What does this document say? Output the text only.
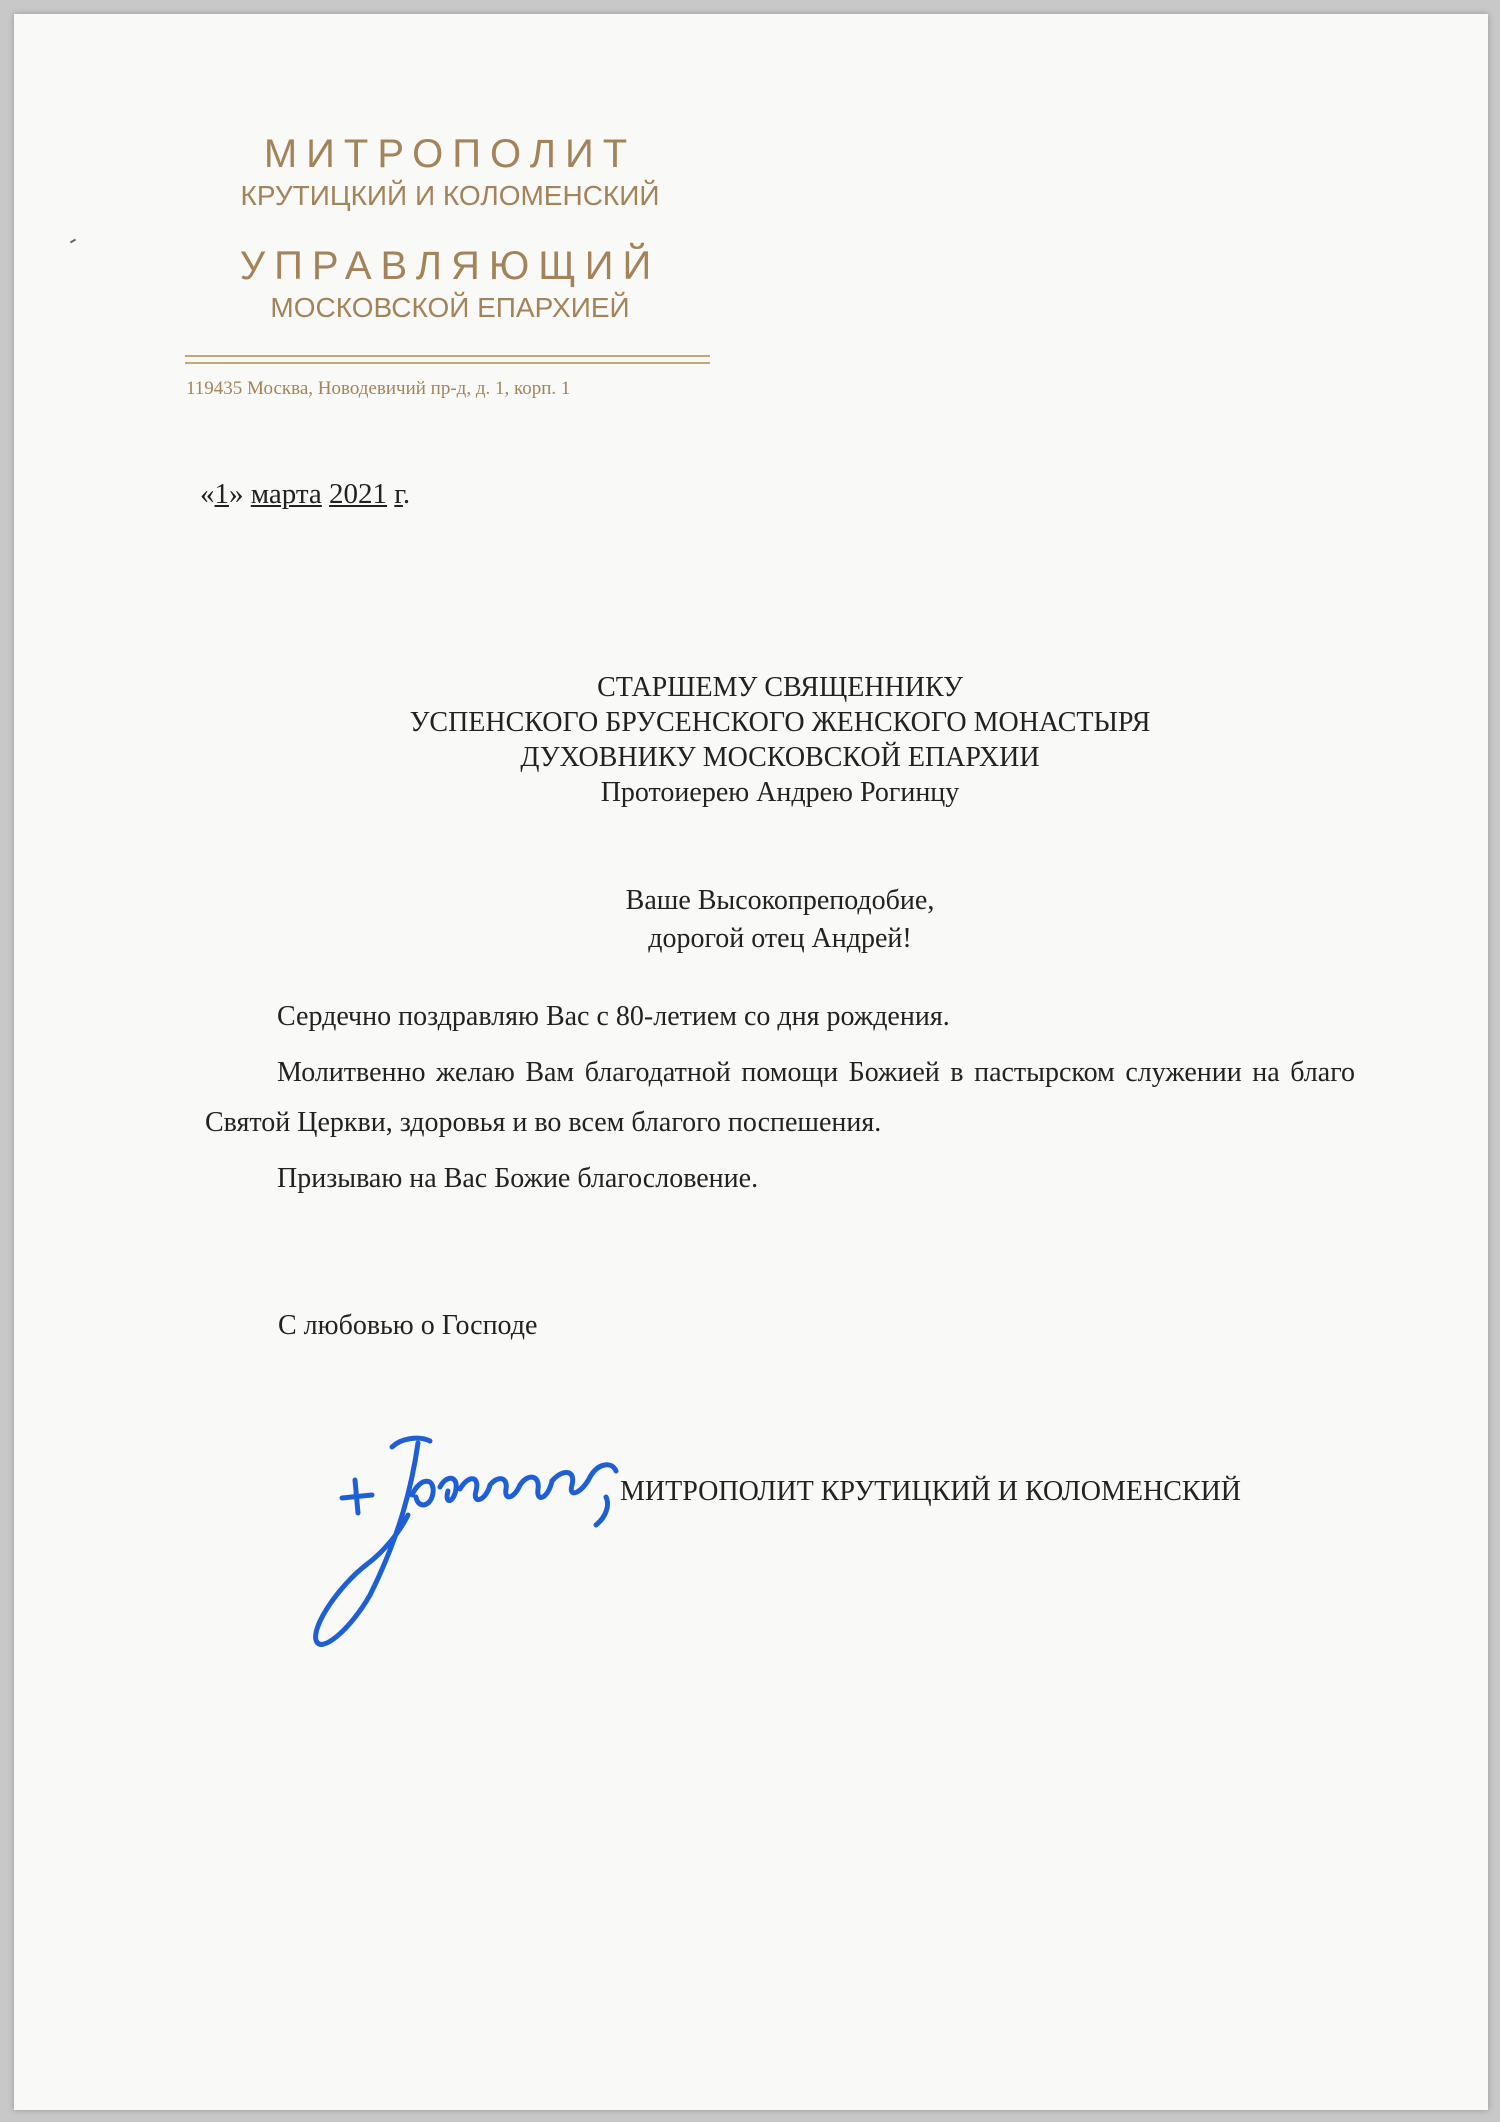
МИТРОПОЛИТ
КРУТИЦКИЙ И КОЛОМЕНСКИЙ
УПРАВЛЯЮЩИЙ
МОСКОВСКОЙ ЕПАРХИЕЙ
119435 Москва, Новодевичий пр-д, д. 1, корп. 1
«1» марта 2021 г.
СТАРШЕМУ СВЯЩЕННИКУ
УСПЕНСКОГО БРУСЕНСКОГО ЖЕНСКОГО МОНАСТЫРЯ
ДУХОВНИКУ МОСКОВСКОЙ ЕПАРХИИ
Протоиерею Андрею Рогинцу
Ваше Высокопреподобие,
дорогой отец Андрей!

Сердечно поздравляю Вас с 80-летием со дня рождения.

Молитвенно желаю Вам благодатной помощи Божией в пастырском служении на благо Святой Церкви, здоровья и во всем благого поспешения.

Призываю на Вас Божие благословение.

С любовью о Господе
МИТРОПОЛИТ КРУТИЦКИЙ И КОЛОМЕНСКИЙ
